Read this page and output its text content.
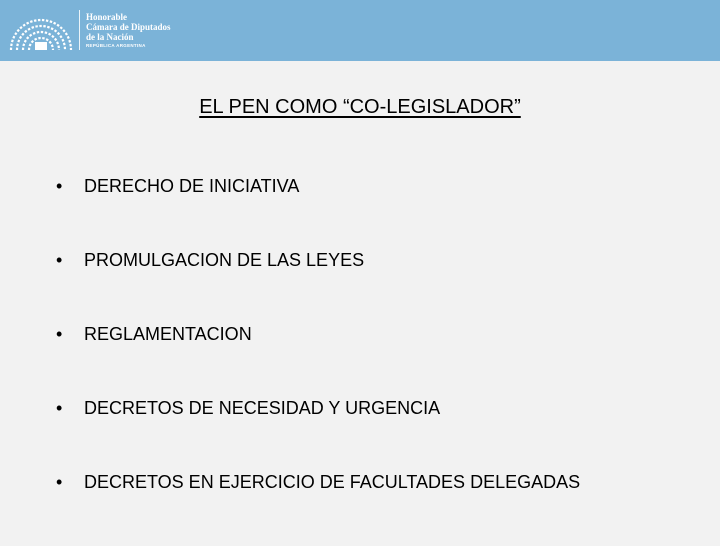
Honorable
Cámara de Diputados
de la Nación
REPÚBLICA ARGENTINA
EL PEN COMO “CO-LEGISLADOR”
• DERECHO DE INICIATIVA
• PROMULGACION DE LAS LEYES
• REGLAMENTACION
• DECRETOS DE NECESIDAD Y URGENCIA
• DECRETOS EN EJERCICIO DE FACULTADES DELEGADAS
